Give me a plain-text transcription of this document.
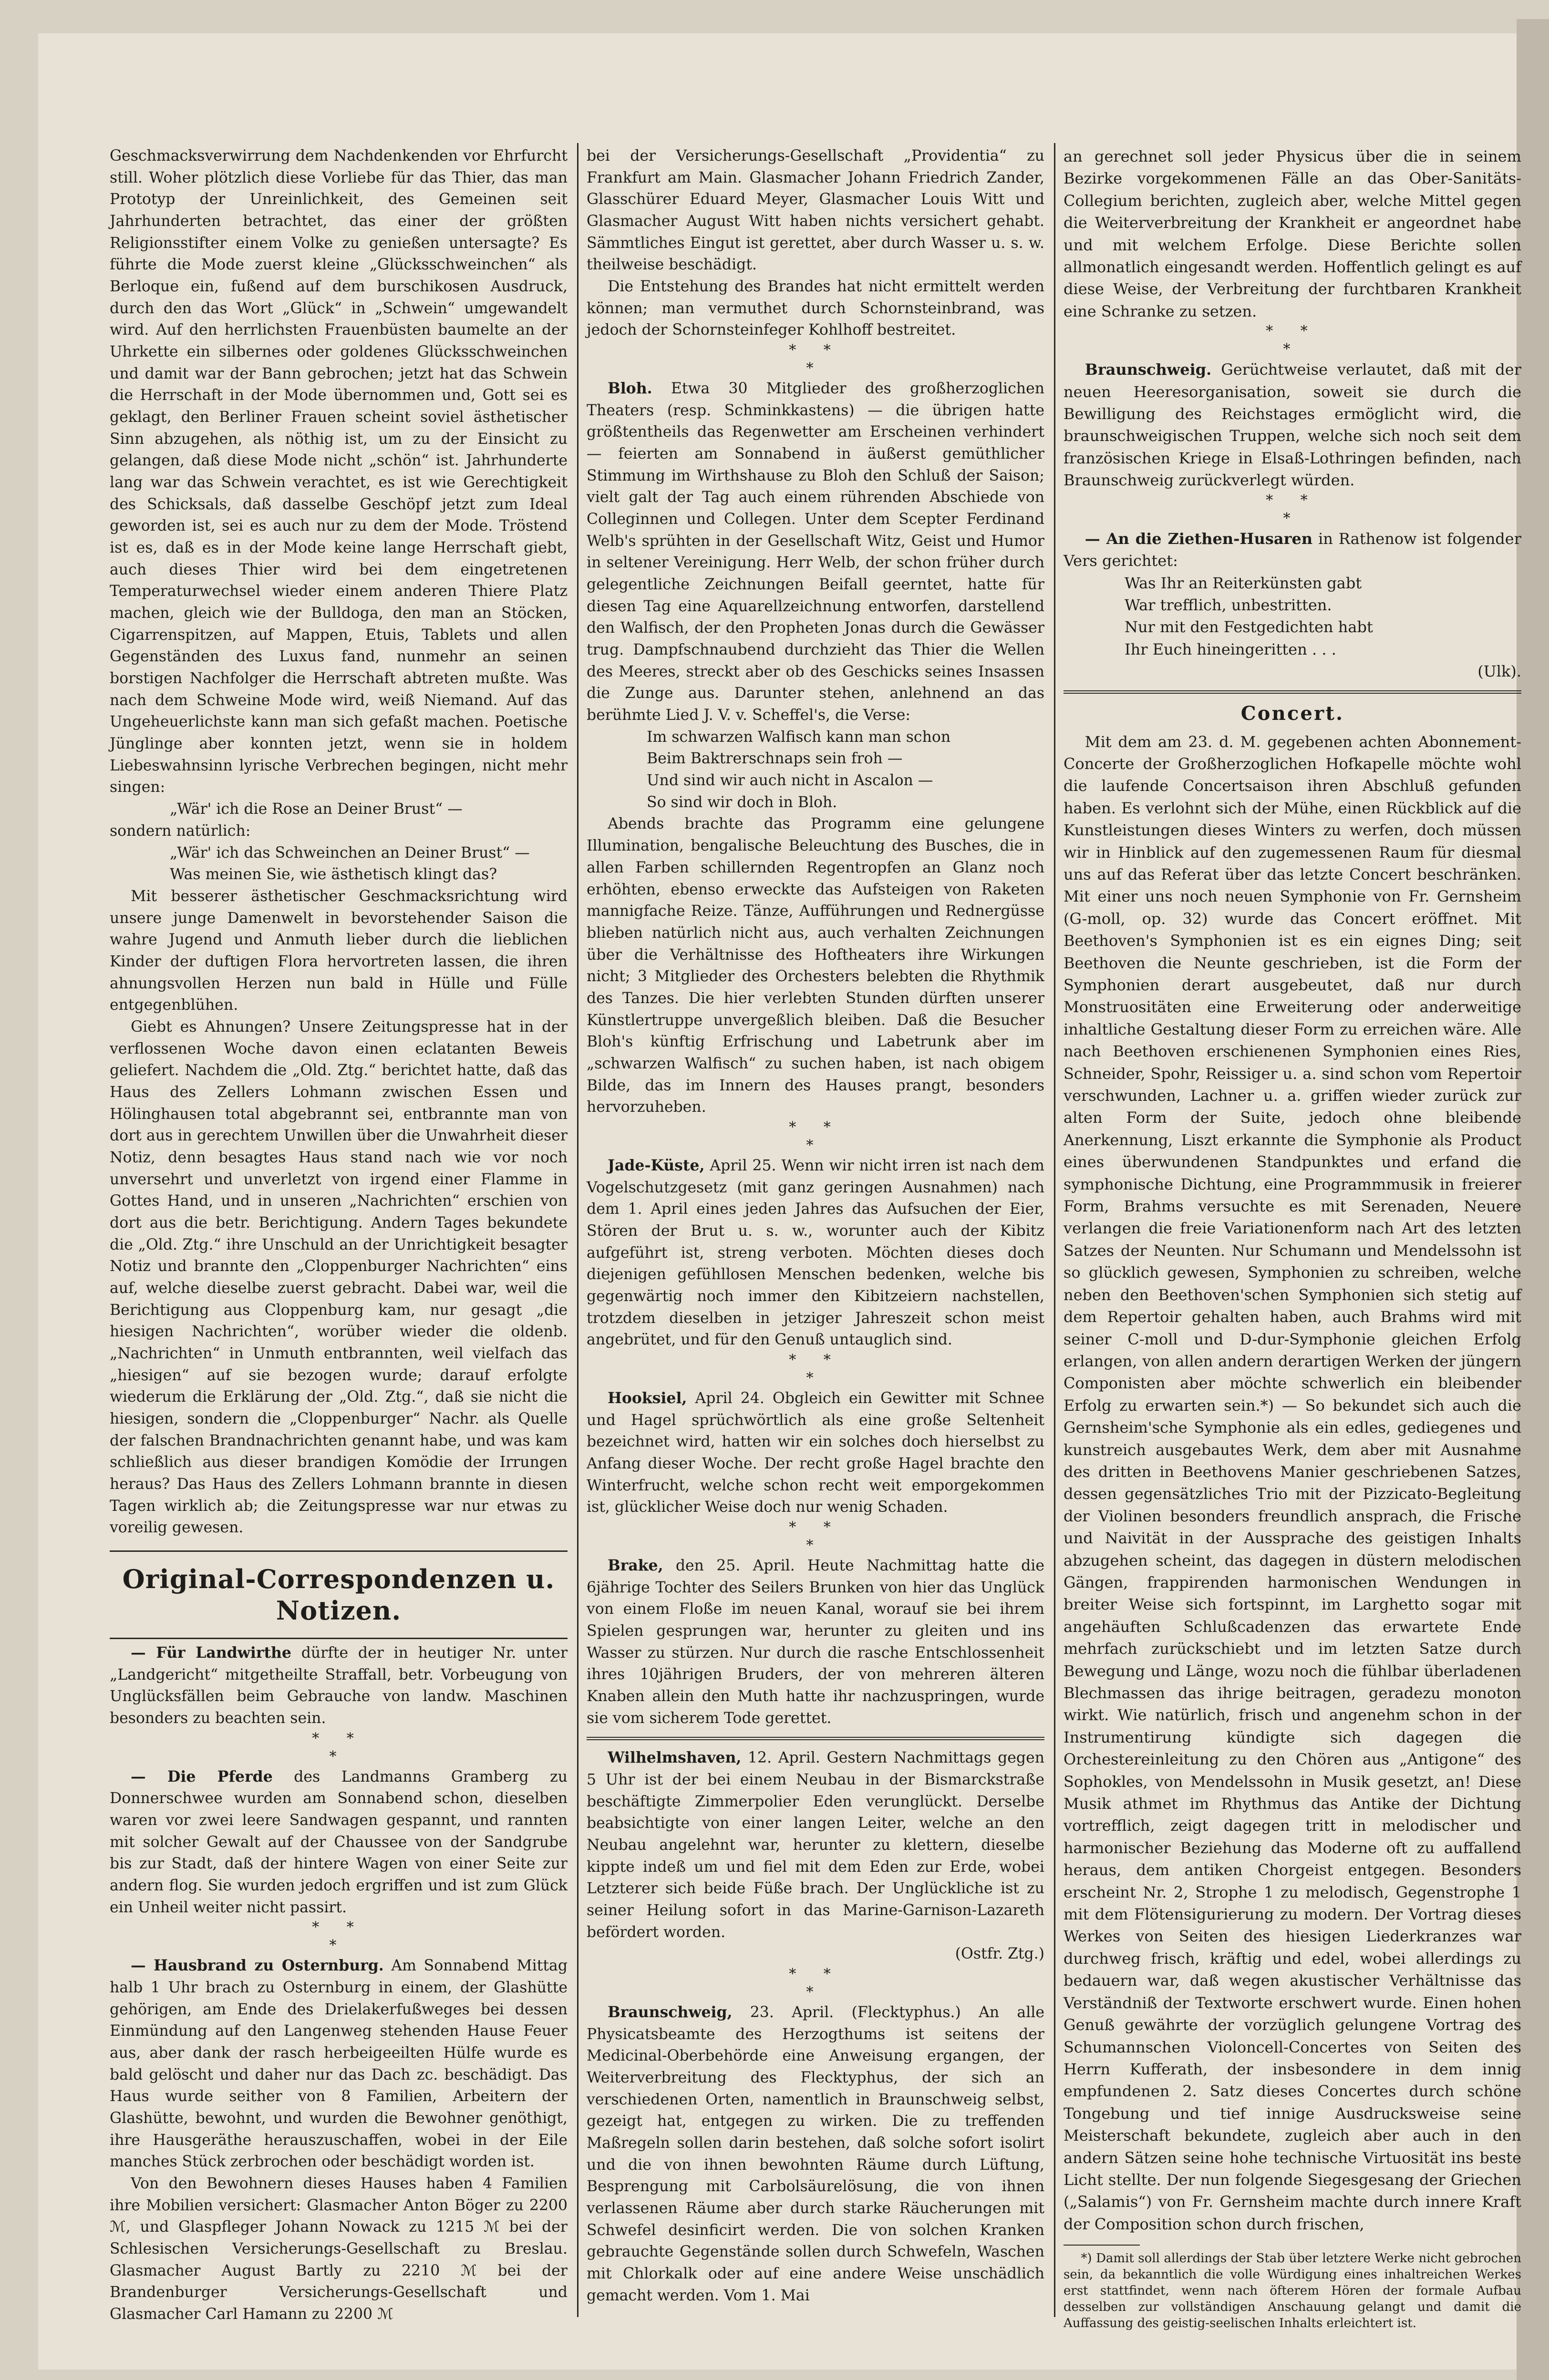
Geschmacksverwirrung dem Nachdenkenden vor Ehrfurcht still. Woher plötzlich diese Vorliebe für das Thier, das man Prototyp der Unreinlichkeit, des Gemeinen seit Jahrhunderten betrachtet, das einer der größten Religionsstifter einem Volke zu genießen untersagte? Es führte die Mode zuerst kleine „Glücksschweinchen“ als Berloque ein, fußend auf dem burschikosen Ausdruck, durch den das Wort „Glück“ in „Schwein“ umgewandelt wird. Auf den herrlichsten Frauenbüsten baumelte an der Uhrkette ein silbernes oder goldenes Glücksschweinchen und damit war der Bann gebrochen; jetzt hat das Schwein die Herrschaft in der Mode übernommen und, Gott sei es geklagt, den Berliner Frauen scheint soviel ästhetischer Sinn abzugehen, als nöthig ist, um zu der Einsicht zu gelangen, daß diese Mode nicht „schön“ ist. Jahrhunderte lang war das Schwein verachtet, es ist wie Gerechtigkeit des Schicksals, daß dasselbe Geschöpf jetzt zum Ideal geworden ist, sei es auch nur zu dem der Mode. Tröstend ist es, daß es in der Mode keine lange Herrschaft giebt, auch dieses Thier wird bei dem eingetretenen Temperaturwechsel wieder einem anderen Thiere Platz machen, gleich wie der Bulldoga, den man an Stöcken, Cigarrenspitzen, auf Mappen, Etuis, Tablets und allen Gegenständen des Luxus fand, nunmehr an seinen borstigen Nachfolger die Herrschaft abtreten mußte. Was nach dem Schweine Mode wird, weiß Niemand. Auf das Ungeheuerlichste kann man sich gefaßt machen. Poetische Jünglinge aber konnten jetzt, wenn sie in holdem Liebeswahnsinn lyrische Verbrechen begingen, nicht mehr singen:

„Wär' ich die Rose an Deiner Brust“ —

sondern natürlich:

„Wär' ich das Schweinchen an Deiner Brust“ —

Was meinen Sie, wie ästhetisch klingt das?

Mit besserer ästhetischer Geschmacksrichtung wird unsere junge Damenwelt in bevorstehender Saison die wahre Jugend und Anmuth lieber durch die lieblichen Kinder der duftigen Flora hervortreten lassen, die ihren ahnungsvollen Herzen nun bald in Hülle und Fülle entgegenblühen.

Giebt es Ahnungen? Unsere Zeitungspresse hat in der verflossenen Woche davon einen eclatanten Beweis geliefert. Nachdem die „Old. Ztg.“ berichtet hatte, daß das Haus des Zellers Lohmann zwischen Essen und Hölinghausen total abgebrannt sei, entbrannte man von dort aus in gerechtem Unwillen über die Unwahrheit dieser Notiz, denn besagtes Haus stand nach wie vor noch unversehrt und unverletzt von irgend einer Flamme in Gottes Hand, und in unseren „Nachrichten“ erschien von dort aus die betr. Berichtigung. Andern Tages bekundete die „Old. Ztg.“ ihre Unschuld an der Unrichtigkeit besagter Notiz und brannte den „Cloppenburger Nachrichten“ eins auf, welche dieselbe zuerst gebracht. Dabei war, weil die Berichtigung aus Cloppenburg kam, nur gesagt „die hiesigen Nachrichten“, worüber wieder die oldenb. „Nachrichten“ in Unmuth entbrannten, weil vielfach das „hiesigen“ auf sie bezogen wurde; darauf erfolgte wiederum die Erklärung der „Old. Ztg.“, daß sie nicht die hiesigen, sondern die „Cloppenburger“ Nachr. als Quelle der falschen Brandnachrichten genannt habe, und was kam schließlich aus dieser brandigen Komödie der Irrungen heraus? Das Haus des Zellers Lohmann brannte in diesen Tagen wirklich ab; die Zeitungspresse war nur etwas zu voreilig gewesen.

Original-Correspondenzen u. Notizen.

— Für Landwirthe dürfte der in heutiger Nr. unter „Landgericht“ mitgetheilte Straffall, betr. Vorbeugung von Unglücksfällen beim Gebrauche von landw. Maschinen besonders zu beachten sein.

* *
*

— Die Pferde des Landmanns Gramberg zu Donnerschwee wurden am Sonnabend schon, dieselben waren vor zwei leere Sandwagen gespannt, und rannten mit solcher Gewalt auf der Chaussee von der Sandgrube bis zur Stadt, daß der hintere Wagen von einer Seite zur andern flog. Sie wurden jedoch ergriffen und ist zum Glück ein Unheil weiter nicht passirt.

* *
*

— Hausbrand zu Osternburg. Am Sonnabend Mittag halb 1 Uhr brach zu Osternburg in einem, der Glashütte gehörigen, am Ende des Drielakerfußweges bei dessen Einmündung auf den Langenweg stehenden Hause Feuer aus, aber dank der rasch herbeigeeilten Hülfe wurde es bald gelöscht und daher nur das Dach zc. beschädigt. Das Haus wurde seither von 8 Familien, Arbeitern der Glashütte, bewohnt, und wurden die Bewohner genöthigt, ihre Hausgeräthe herauszuschaffen, wobei in der Eile manches Stück zerbrochen oder beschädigt worden ist.

Von den Bewohnern dieses Hauses haben 4 Familien ihre Mobilien versichert: Glasmacher Anton Böger zu 2200 ℳ, und Glaspfleger Johann Nowack zu 1215 ℳ bei der Schlesischen Versicherungs-Gesellschaft zu Breslau. Glasmacher August Bartly zu 2210 ℳ bei der Brandenburger Versicherungs-Gesellschaft und Glasmacher Carl Hamann zu 2200 ℳ

bei der Versicherungs-Gesellschaft „Providentia“ zu Frankfurt am Main. Glasmacher Johann Friedrich Zander, Glasschürer Eduard Meyer, Glasmacher Louis Witt und Glasmacher August Witt haben nichts versichert gehabt. Sämmtliches Eingut ist gerettet, aber durch Wasser u. s. w. theilweise beschädigt.

Die Entstehung des Brandes hat nicht ermittelt werden können; man vermuthet durch Schornsteinbrand, was jedoch der Schornsteinfeger Kohlhoff bestreitet.

* *
*

Bloh. Etwa 30 Mitglieder des großherzoglichen Theaters (resp. Schminkkastens) — die übrigen hatte größtentheils das Regenwetter am Erscheinen verhindert — feierten am Sonnabend in äußerst gemüthlicher Stimmung im Wirthshause zu Bloh den Schluß der Saison; vielt galt der Tag auch einem rührenden Abschiede von Colleginnen und Collegen. Unter dem Scepter Ferdinand Welb's sprühten in der Gesellschaft Witz, Geist und Humor in seltener Vereinigung. Herr Welb, der schon früher durch gelegentliche Zeichnungen Beifall geerntet, hatte für diesen Tag eine Aquarellzeichnung entworfen, darstellend den Walfisch, der den Propheten Jonas durch die Gewässer trug. Dampfschnaubend durchzieht das Thier die Wellen des Meeres, streckt aber ob des Geschicks seines Insassen die Zunge aus. Darunter stehen, anlehnend an das berühmte Lied J. V. v. Scheffel's, die Verse:

Im schwarzen Walfisch kann man schon

Beim Baktrerschnaps sein froh —

Und sind wir auch nicht in Ascalon —

So sind wir doch in Bloh.

Abends brachte das Programm eine gelungene Illumination, bengalische Beleuchtung des Busches, die in allen Farben schillernden Regentropfen an Glanz noch erhöhten, ebenso erweckte das Aufsteigen von Raketen mannigfache Reize. Tänze, Aufführungen und Rednergüsse blieben natürlich nicht aus, auch verhalten Zeichnungen über die Verhältnisse des Hoftheaters ihre Wirkungen nicht; 3 Mitglieder des Orchesters belebten die Rhythmik des Tanzes. Die hier verlebten Stunden dürften unserer Künstlertruppe unvergeßlich bleiben. Daß die Besucher Bloh's künftig Erfrischung und Labetrunk aber im „schwarzen Walfisch“ zu suchen haben, ist nach obigem Bilde, das im Innern des Hauses prangt, besonders hervorzuheben.

* *
*

Jade-Küste, April 25. Wenn wir nicht irren ist nach dem Vogelschutzgesetz (mit ganz geringen Ausnahmen) nach dem 1. April eines jeden Jahres das Aufsuchen der Eier, Stören der Brut u. s. w., worunter auch der Kibitz aufgeführt ist, streng verboten. Möchten dieses doch diejenigen gefühllosen Menschen bedenken, welche bis gegenwärtig noch immer den Kibitzeiern nachstellen, trotzdem dieselben in jetziger Jahreszeit schon meist angebrütet, und für den Genuß untauglich sind.

* *
*

Hooksiel, April 24. Obgleich ein Gewitter mit Schnee und Hagel sprüchwörtlich als eine große Seltenheit bezeichnet wird, hatten wir ein solches doch hierselbst zu Anfang dieser Woche. Der recht große Hagel brachte den Winterfrucht, welche schon recht weit emporgekommen ist, glücklicher Weise doch nur wenig Schaden.

* *
*

Brake, den 25. April. Heute Nachmittag hatte die 6jährige Tochter des Seilers Brunken von hier das Unglück von einem Floße im neuen Kanal, worauf sie bei ihrem Spielen gesprungen war, herunter zu gleiten und ins Wasser zu stürzen. Nur durch die rasche Entschlossenheit ihres 10jährigen Bruders, der von mehreren älteren Knaben allein den Muth hatte ihr nachzuspringen, wurde sie vom sicherem Tode gerettet.

Wilhelmshaven, 12. April. Gestern Nachmittags gegen 5 Uhr ist der bei einem Neubau in der Bismarckstraße beschäftigte Zimmerpolier Eden verunglückt. Derselbe beabsichtigte von einer langen Leiter, welche an den Neubau angelehnt war, herunter zu klettern, dieselbe kippte indeß um und fiel mit dem Eden zur Erde, wobei Letzterer sich beide Füße brach. Der Unglückliche ist zu seiner Heilung sofort in das Marine-Garnison-Lazareth befördert worden.

(Ostfr. Ztg.)

* *
*

Braunschweig, 23. April. (Flecktyphus.) An alle Physicatsbeamte des Herzogthums ist seitens der Medicinal-Oberbehörde eine Anweisung ergangen, der Weiterverbreitung des Flecktyphus, der sich an verschiedenen Orten, namentlich in Braunschweig selbst, gezeigt hat, entgegen zu wirken. Die zu treffenden Maßregeln sollen darin bestehen, daß solche sofort isolirt und die von ihnen bewohnten Räume durch Lüftung, Besprengung mit Carbolsäurelösung, die von ihnen verlassenen Räume aber durch starke Räucherungen mit Schwefel desinficirt werden. Die von solchen Kranken gebrauchte Gegenstände sollen durch Schwefeln, Waschen mit Chlorkalk oder auf eine andere Weise unschädlich gemacht werden. Vom 1. Mai

an gerechnet soll jeder Physicus über die in seinem Bezirke vorgekommenen Fälle an das Ober-Sanitäts-Collegium berichten, zugleich aber, welche Mittel gegen die Weiterverbreitung der Krankheit er angeordnet habe und mit welchem Erfolge. Diese Berichte sollen allmonatlich eingesandt werden. Hoffentlich gelingt es auf diese Weise, der Verbreitung der furchtbaren Krankheit eine Schranke zu setzen.

* *
*

Braunschweig. Gerüchtweise verlautet, daß mit der neuen Heeresorganisation, soweit sie durch die Bewilligung des Reichstages ermöglicht wird, die braunschweigischen Truppen, welche sich noch seit dem französischen Kriege in Elsaß-Lothringen befinden, nach Braunschweig zurückverlegt würden.

* *
*

— An die Ziethen-Husaren in Rathenow ist folgender Vers gerichtet:

Was Ihr an Reiterkünsten gabt

War trefflich, unbestritten.

Nur mit den Festgedichten habt

Ihr Euch hineingeritten . . .

(Ulk).

Concert.

Mit dem am 23. d. M. gegebenen achten Abonnement-Concerte der Großherzoglichen Hofkapelle möchte wohl die laufende Concertsaison ihren Abschluß gefunden haben. Es verlohnt sich der Mühe, einen Rückblick auf die Kunstleistungen dieses Winters zu werfen, doch müssen wir in Hinblick auf den zugemessenen Raum für diesmal uns auf das Referat über das letzte Concert beschränken. Mit einer uns noch neuen Symphonie von Fr. Gernsheim (G-moll, op. 32) wurde das Concert eröffnet. Mit Beethoven's Symphonien ist es ein eignes Ding; seit Beethoven die Neunte geschrieben, ist die Form der Symphonien derart ausgebeutet, daß nur durch Monstruositäten eine Erweiterung oder anderweitige inhaltliche Gestaltung dieser Form zu erreichen wäre. Alle nach Beethoven erschienenen Symphonien eines Ries, Schneider, Spohr, Reissiger u. a. sind schon vom Repertoir verschwunden, Lachner u. a. griffen wieder zurück zur alten Form der Suite, jedoch ohne bleibende Anerkennung, Liszt erkannte die Symphonie als Product eines überwundenen Standpunktes und erfand die symphonische Dichtung, eine Programmmusik in freierer Form, Brahms versuchte es mit Serenaden, Neuere verlangen die freie Variationenform nach Art des letzten Satzes der Neunten. Nur Schumann und Mendelssohn ist so glücklich gewesen, Symphonien zu schreiben, welche neben den Beethoven'schen Symphonien sich stetig auf dem Repertoir gehalten haben, auch Brahms wird mit seiner C-moll und D-dur-Symphonie gleichen Erfolg erlangen, von allen andern derartigen Werken der jüngern Componisten aber möchte schwerlich ein bleibender Erfolg zu erwarten sein.*) — So bekundet sich auch die Gernsheim'sche Symphonie als ein edles, gediegenes und kunstreich ausgebautes Werk, dem aber mit Ausnahme des dritten in Beethovens Manier geschriebenen Satzes, dessen gegensätzliches Trio mit der Pizzicato-Begleitung der Violinen besonders freundlich ansprach, die Frische und Naivität in der Aussprache des geistigen Inhalts abzugehen scheint, das dagegen in düstern melodischen Gängen, frappirenden harmonischen Wendungen in breiter Weise sich fortspinnt, im Larghetto sogar mit angehäuften Schlußcadenzen das erwartete Ende mehrfach zurückschiebt und im letzten Satze durch Bewegung und Länge, wozu noch die fühlbar überladenen Blechmassen das ihrige beitragen, geradezu monoton wirkt. Wie natürlich, frisch und angenehm schon in der Instrumentirung kündigte sich dagegen die Orchestereinleitung zu den Chören aus „Antigone“ des Sophokles, von Mendelssohn in Musik gesetzt, an! Diese Musik athmet im Rhythmus das Antike der Dichtung vortrefflich, zeigt dagegen tritt in melodischer und harmonischer Beziehung das Moderne oft zu auffallend heraus, dem antiken Chorgeist entgegen. Besonders erscheint Nr. 2, Strophe 1 zu melodisch, Gegenstrophe 1 mit dem Flötensigurierung zu modern. Der Vortrag dieses Werkes von Seiten des hiesigen Liederkranzes war durchweg frisch, kräftig und edel, wobei allerdings zu bedauern war, daß wegen akustischer Verhältnisse das Verständniß der Textworte erschwert wurde. Einen hohen Genuß gewährte der vorzüglich gelungene Vortrag des Schumannschen Violoncell-Concertes von Seiten des Herrn Kufferath, der insbesondere in dem innig empfundenen 2. Satz dieses Concertes durch schöne Tongebung und tief innige Ausdrucksweise seine Meisterschaft bekundete, zugleich aber auch in den andern Sätzen seine hohe technische Virtuosität ins beste Licht stellte. Der nun folgende Siegesgesang der Griechen („Salamis“) von Fr. Gernsheim machte durch innere Kraft der Composition schon durch frischen,

*) Damit soll allerdings der Stab über letztere Werke nicht gebrochen sein, da bekanntlich die volle Würdigung eines inhaltreichen Werkes erst stattfindet, wenn nach öfterem Hören der formale Aufbau desselben zur vollständigen Anschauung gelangt und damit die Auffassung des geistig-seelischen Inhalts erleichtert ist.
